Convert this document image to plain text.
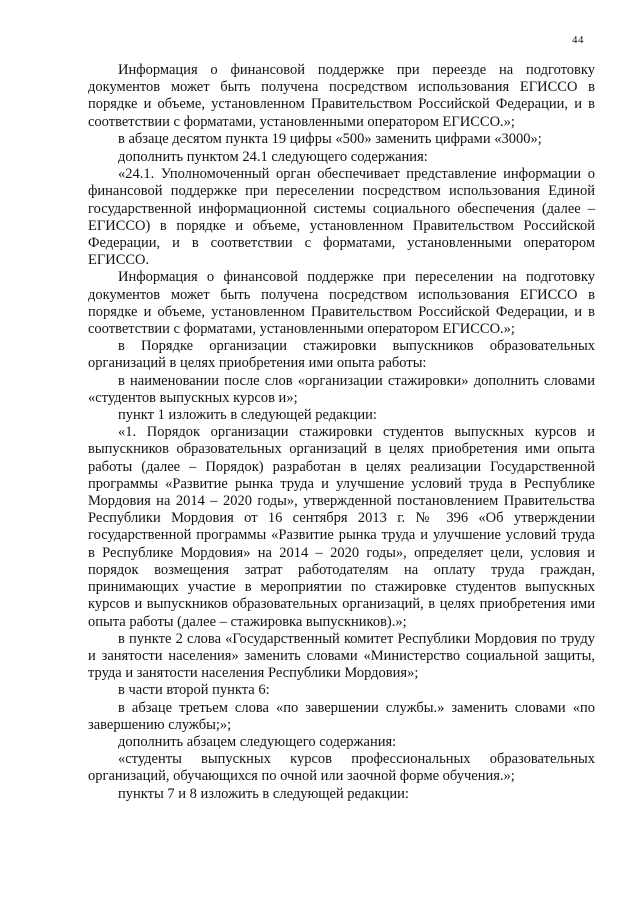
44

Информация о финансовой поддержке при переезде на подготовку документов может быть получена посредством использования ЕГИССО в порядке и объеме, установленном Правительством Российской Федерации, и в соответствии с форматами, установленными оператором ЕГИССО.»;

в абзаце десятом пункта 19 цифры «500» заменить цифрами «3000»;

дополнить пунктом 24.1 следующего содержания:

«24.1. Уполномоченный орган обеспечивает представление информации о финансовой поддержке при переселении посредством использования Единой государственной информационной системы социального обеспечения (далее – ЕГИССО) в порядке и объеме, установленном Правительством Российской Федерации, и в соответствии с форматами, установленными оператором ЕГИССО.

Информация о финансовой поддержке при переселении на подготовку документов может быть получена посредством использования ЕГИССО в порядке и объеме, установленном Правительством Российской Федерации, и в соответствии с форматами, установленными оператором ЕГИССО.»;

в Порядке организации стажировки выпускников образовательных организаций в целях приобретения ими опыта работы:

в наименовании после слов «организации стажировки» дополнить словами «студентов выпускных курсов и»;

пункт 1 изложить в следующей редакции:

«1. Порядок организации стажировки студентов выпускных курсов и выпускников образовательных организаций в целях приобретения ими опыта работы (далее – Порядок) разработан в целях реализации Государственной программы «Развитие рынка труда и улучшение условий труда в Республике Мордовия на 2014 – 2020 годы», утвержденной постановлением Правительства Республики Мордовия от 16 сентября 2013 г. № 396 «Об утверждении государственной программы «Развитие рынка труда и улучшение условий труда в Республике Мордовия» на 2014 – 2020 годы», определяет цели, условия и порядок возмещения затрат работодателям на оплату труда граждан, принимающих участие в мероприятии по стажировке студентов выпускных курсов и выпускников образовательных организаций, в целях приобретения ими опыта работы (далее – стажировка выпускников).»;

в пункте 2 слова «Государственный комитет Республики Мордовия по труду и занятости населения» заменить словами «Министерство социальной защиты, труда и занятости населения Республики Мордовия»;

в части второй пункта 6:

в абзаце третьем слова «по завершении службы.» заменить словами «по завершению службы;»;

дополнить абзацем следующего содержания:

«студенты выпускных курсов профессиональных образовательных организаций, обучающихся по очной или заочной форме обучения.»;

пункты 7 и 8 изложить в следующей редакции:
